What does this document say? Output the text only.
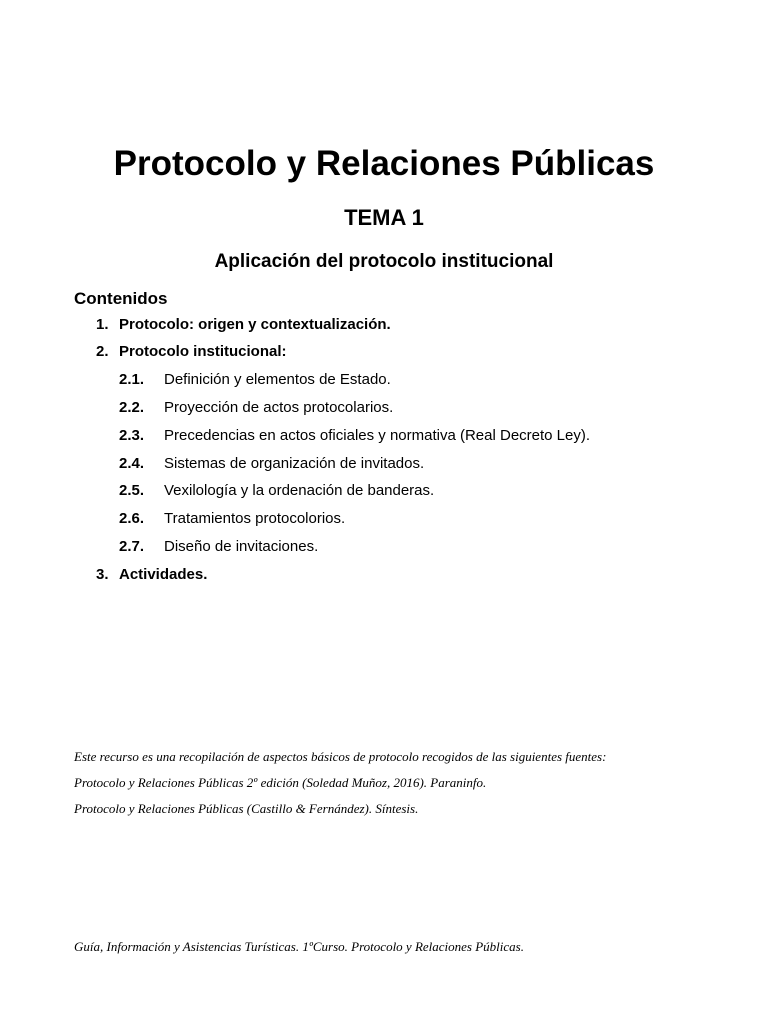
Protocolo y Relaciones Públicas
TEMA 1
Aplicación del protocolo institucional
Contenidos
1. Protocolo: origen y contextualización.
2. Protocolo institucional:
2.1. Definición y elementos de Estado.
2.2. Proyección de actos protocolarios.
2.3. Precedencias en actos oficiales y normativa (Real Decreto Ley).
2.4. Sistemas de organización de invitados.
2.5. Vexilología y la ordenación de banderas.
2.6. Tratamientos protocolorios.
2.7. Diseño de invitaciones.
3. Actividades.
Este recurso es una recopilación de aspectos básicos de protocolo recogidos de las siguientes fuentes:
Protocolo y Relaciones Públicas 2º edición (Soledad Muñoz, 2016). Paraninfo.
Protocolo y Relaciones Públicas (Castillo & Fernández). Síntesis.
Guía, Información y Asistencias Turísticas. 1ºCurso. Protocolo y Relaciones Públicas.
